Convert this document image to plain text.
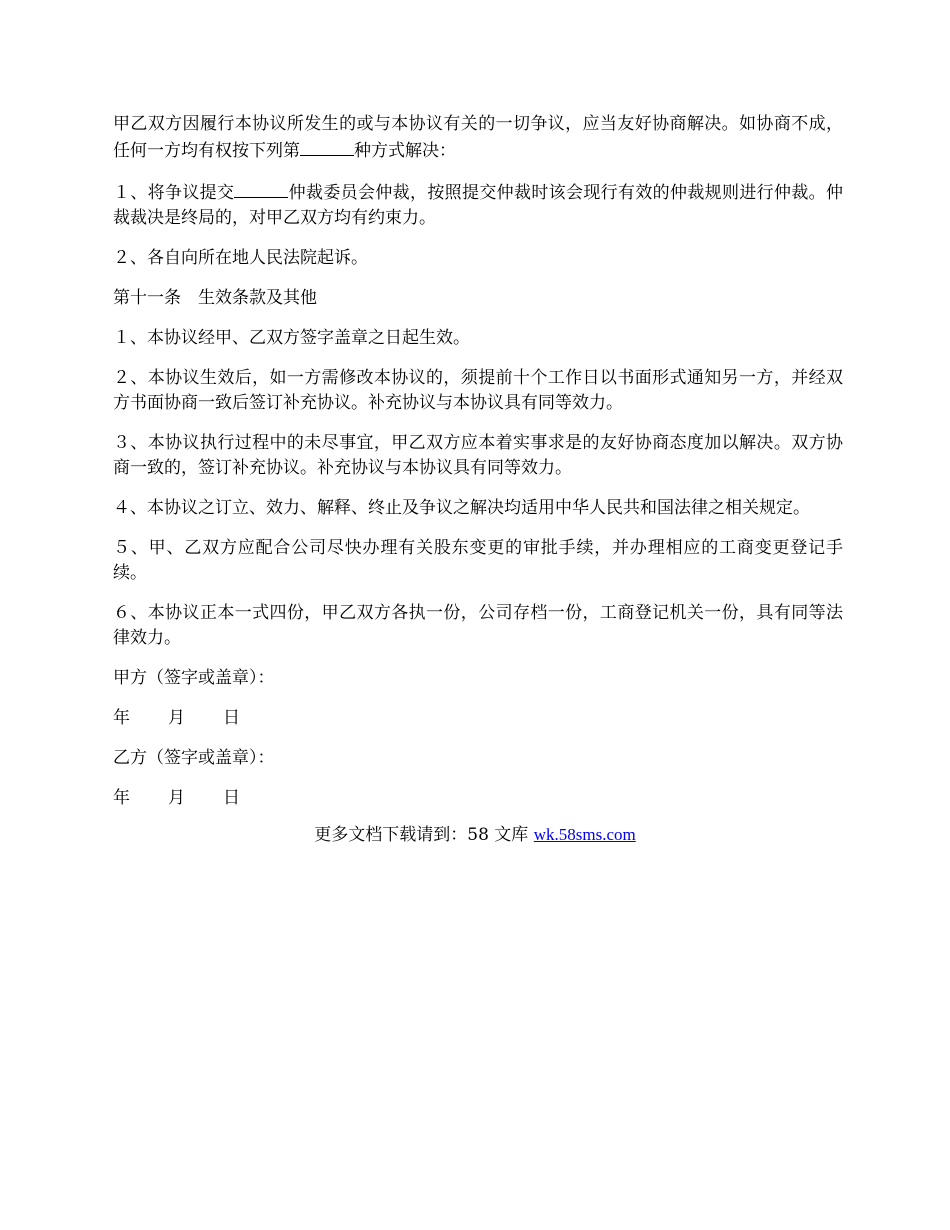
甲乙双方因履行本协议所发生的或与本协议有关的一切争议，应当友好协商解决。如协商不成，任何一方均有权按下列第	种方式解决：

１、将争议提交	仲裁委员会仲裁，按照提交仲裁时该会现行有效的仲裁规则进行仲裁。仲裁裁决是终局的，对甲乙双方均有约束力。

２、各自向所在地人民法院起诉。

第十一条　生效条款及其他

１、本协议经甲、乙双方签字盖章之日起生效。

２、本协议生效后，如一方需修改本协议的，须提前十个工作日以书面形式通知另一方，并经双方书面协商一致后签订补充协议。补充协议与本协议具有同等效力。

３、本协议执行过程中的未尽事宜，甲乙双方应本着实事求是的友好协商态度加以解决。双方协商一致的，签订补充协议。补充协议与本协议具有同等效力。

４、本协议之订立、效力、解释、终止及争议之解决均适用中华人民共和国法律之相关规定。

５、甲、乙双方应配合公司尽快办理有关股东变更的审批手续，并办理相应的工商变更登记手续。

６、本协议正本一式四份，甲乙双方各执一份，公司存档一份，工商登记机关一份，具有同等法律效力。

甲方（签字或盖章）：

年 月 日

乙方（签字或盖章）：

年 月 日

更多文档下载请到：58 文库 wk.58sms.com
